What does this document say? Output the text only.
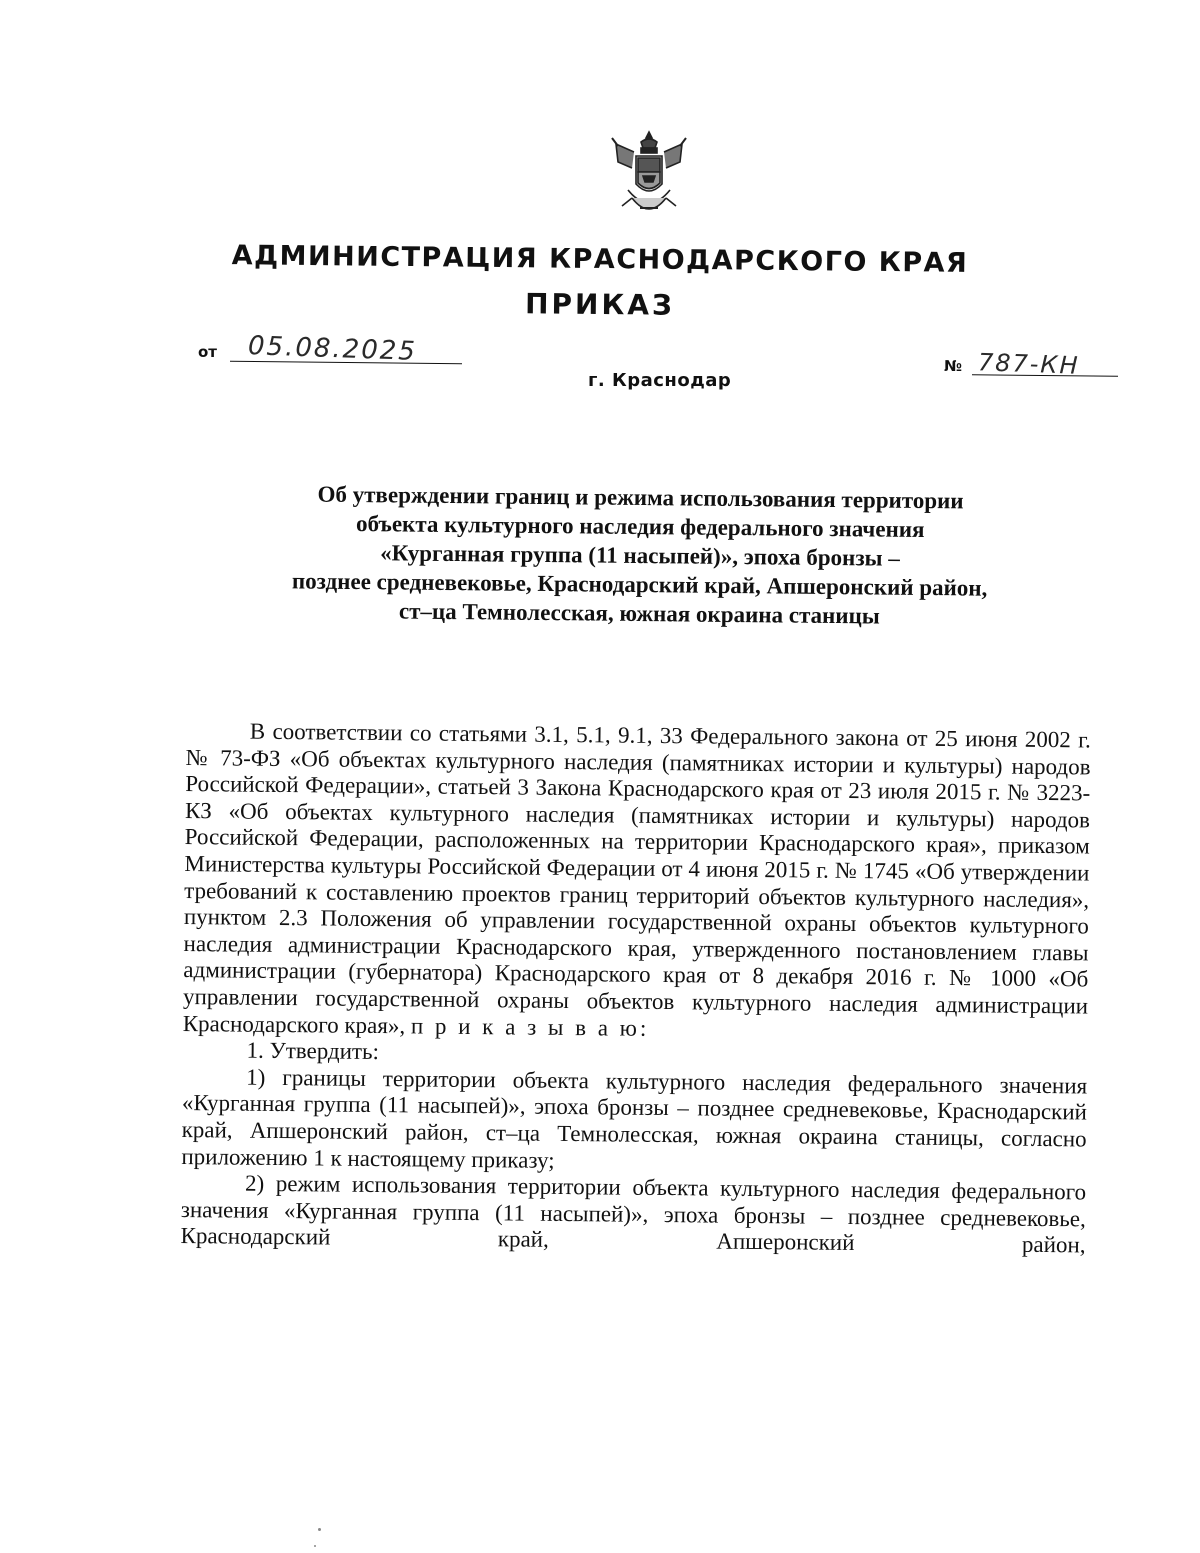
АДМИНИСТРАЦИЯ КРАСНОДАРСКОГО КРАЯ
ПРИКАЗ
от 05.08.2025
г. Краснодар
№ 787-КН
Об утверждении границ и режима использования территории
объекта культурного наследия федерального значения
«Курганная группа (11 насыпей)», эпоха бронзы –
позднее средневековье, Краснодарский край, Апшеронский район,
ст–ца Темнолесская, южная окраина станицы

В соответствии со статьями 3.1, 5.1, 9.1, 33 Федерального закона от 25 июня 2002 г. № 73-ФЗ «Об объектах культурного наследия (памятниках истории и культуры) народов Российской Федерации», статьей 3 Закона Краснодарского края от 23 июля 2015 г. № 3223-КЗ «Об объектах культурного наследия (памятниках истории и культуры) народов Российской Федерации, расположенных на территории Краснодарского края», приказом Министерства культуры Российской Федерации от 4 июня 2015 г. № 1745 «Об утверждении требований к составлению проектов границ территорий объектов культурного наследия», пунктом 2.3 Положения об управлении государственной охраны объектов культурного наследия администрации Краснодарского края, утвержденного постановлением главы администрации (губернатора) Краснодарского края от 8 декабря 2016 г. № 1000 «Об управлении государственной охраны объектов культурного наследия администрации Краснодарского края», п р и к а з ы в а ю:

1. Утвердить:

1) границы территории объекта культурного наследия федерального значения «Курганная группа (11 насыпей)», эпоха бронзы – позднее средневековье, Краснодарский край, Апшеронский район, ст–ца Темнолесская, южная окраина станицы, согласно приложению 1 к настоящему приказу;

2) режим использования территории объекта культурного наследия федерального значения «Курганная группа (11 насыпей)», эпоха бронзы – позднее средневековье, Краснодарский край, Апшеронский район,
